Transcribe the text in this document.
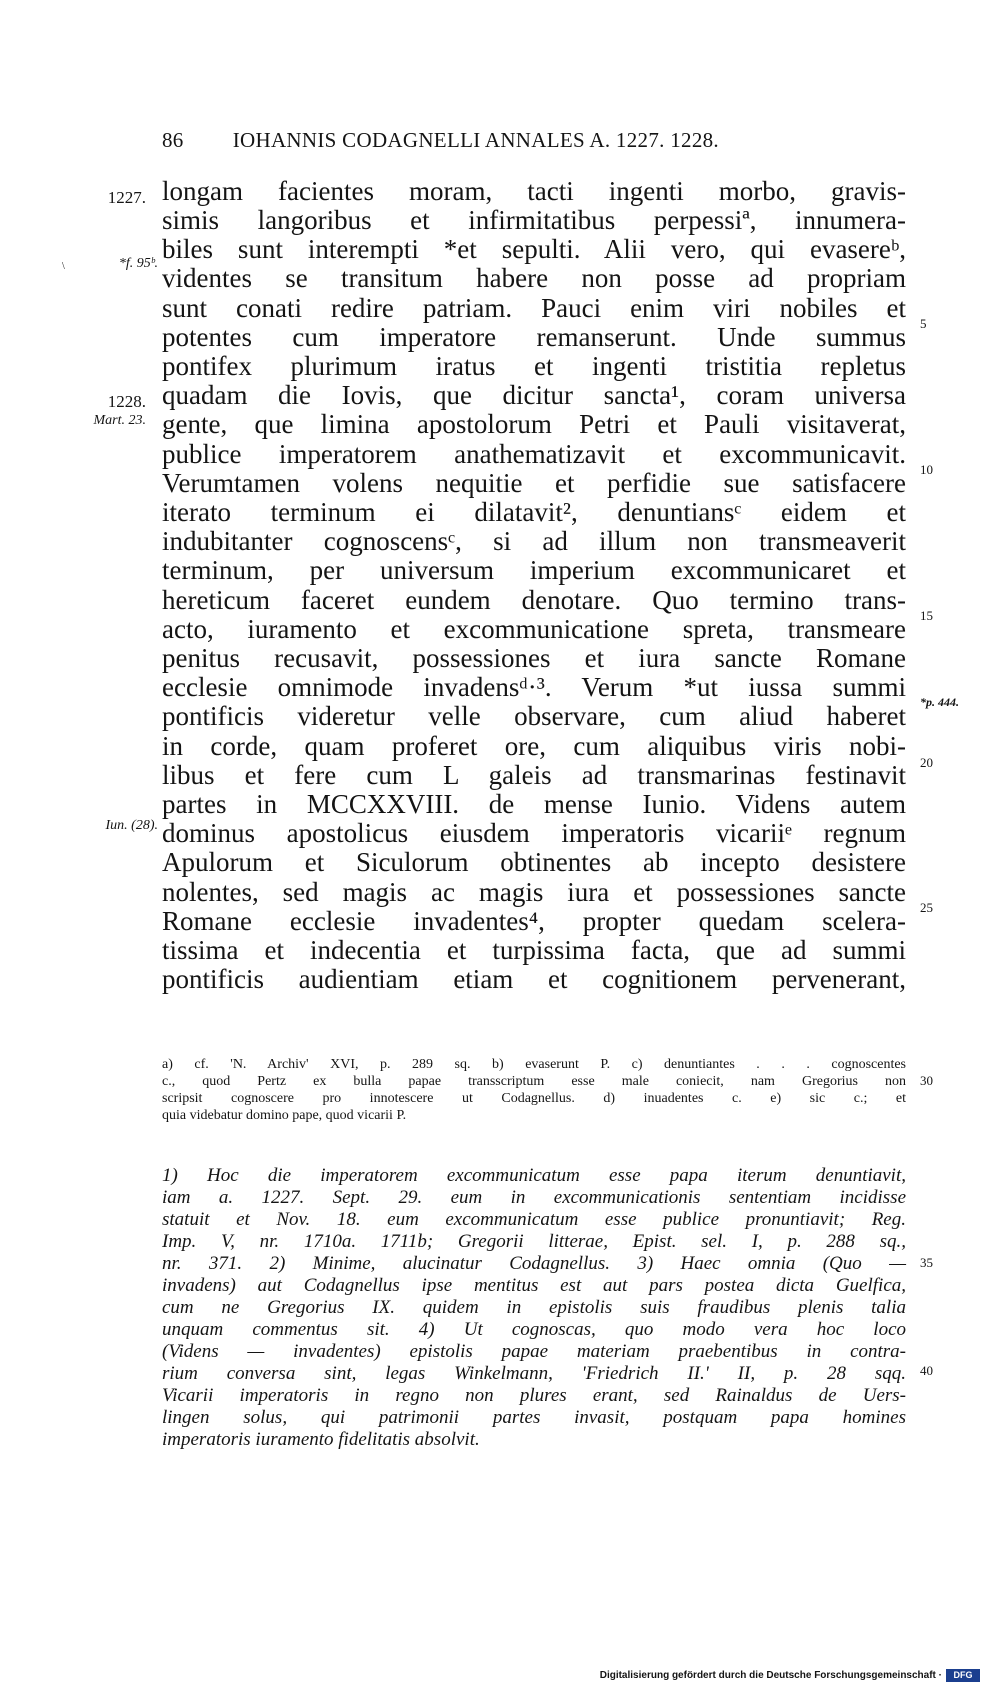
86 IOHANNIS CODAGNELLI ANNALES A. 1227. 1228.
longam facientes moram, tacti ingenti morbo, gravis-
simis langoribus et infirmitatibus perpessiª, innumera-
biles sunt interempti *et sepulti. Alii vero, qui evasereᵇ,
videntes se transitum habere non posse ad propriam
sunt conati redire patriam. Pauci enim viri nobiles et
potentes cum imperatore remanserunt. Unde summus
pontifex plurimum iratus et ingenti tristitia repletus
quadam die Iovis, que dicitur sancta¹, coram universa
gente, que limina apostolorum Petri et Pauli visitaverat,
publice imperatorem anathematizavit et excommunicavit.
Verumtamen volens nequitie et perfidie sue satisfacere
iterato terminum ei dilatavit², denuntiansᶜ eidem et
indubitanter cognoscensᶜ, si ad illum non transmeaverit
terminum, per universum imperium excommunicaret et
hereticum faceret eundem denotare. Quo termino trans-
acto, iuramento et excommunicatione spreta, transmeare
penitus recusavit, possessiones et iura sancte Romane
ecclesie omnimode invadensᵈ·³. Verum *ut iussa summi
pontificis videretur velle observare, cum aliud haberet
in corde, quam proferet ore, cum aliquibus viris nobi-
libus et fere cum L galeis ad transmarinas festinavit
partes in MCCXXVIII. de mense Iunio. Videns autem
dominus apostolicus eiusdem imperatoris vicariiᵉ regnum
Apulorum et Siculorum obtinentes ab incepto desistere
nolentes, sed magis ac magis iura et possessiones sancte
Romane ecclesie invadentes⁴, propter quedam scelera-
tissima et indecentia et turpissima facta, que ad summi
pontificis audientiam etiam et cognitionem pervenerant,
1227.
\	*f. 95ᵇ.
1228.
Mart. 23.
Iun. (28).
5
10
15
*p. 444.
20
25
30
35
40
a) cf. 'N. Archiv' XVI, p. 289 sq. b) evaserunt P. c) denuntiantes . . . cognoscentes
c., quod Pertz ex bulla papae transscriptum esse male coniecit, nam Gregorius non
scripsit cognoscere pro innotescere ut Codagnellus. d) inuadentes c. e) sic c.; et
quia videbatur domino pape, quod vicarii P.
1) Hoc die imperatorem excommunicatum esse papa iterum denuntiavit,
iam a. 1227. Sept. 29. eum in excommunicationis sententiam incidisse
statuit et Nov. 18. eum excommunicatum esse publice pronuntiavit; Reg.
Imp. V, nr. 1710a. 1711b; Gregorii litterae, Epist. sel. I, p. 288 sq.,
nr. 371. 2) Minime, alucinatur Codagnellus. 3) Haec omnia (Quo —
invadens) aut Codagnellus ipse mentitus est aut pars postea dicta Guelfica,
cum ne Gregorius IX. quidem in epistolis suis fraudibus plenis talia
unquam commentus sit. 4) Ut cognoscas, quo modo vera hoc loco
(Videns — invadentes) epistolis papae materiam praebentibus in contra-
rium conversa sint, legas Winkelmann, 'Friedrich II.' II, p. 28 sqq.
Vicarii imperatoris in regno non plures erant, sed Rainaldus de Uers-
lingen solus, qui patrimonii partes invasit, postquam papa homines
imperatoris iuramento fidelitatis absolvit.
Digitalisierung gefördert durch die Deutsche Forschungsgemeinschaft ·	DFG
